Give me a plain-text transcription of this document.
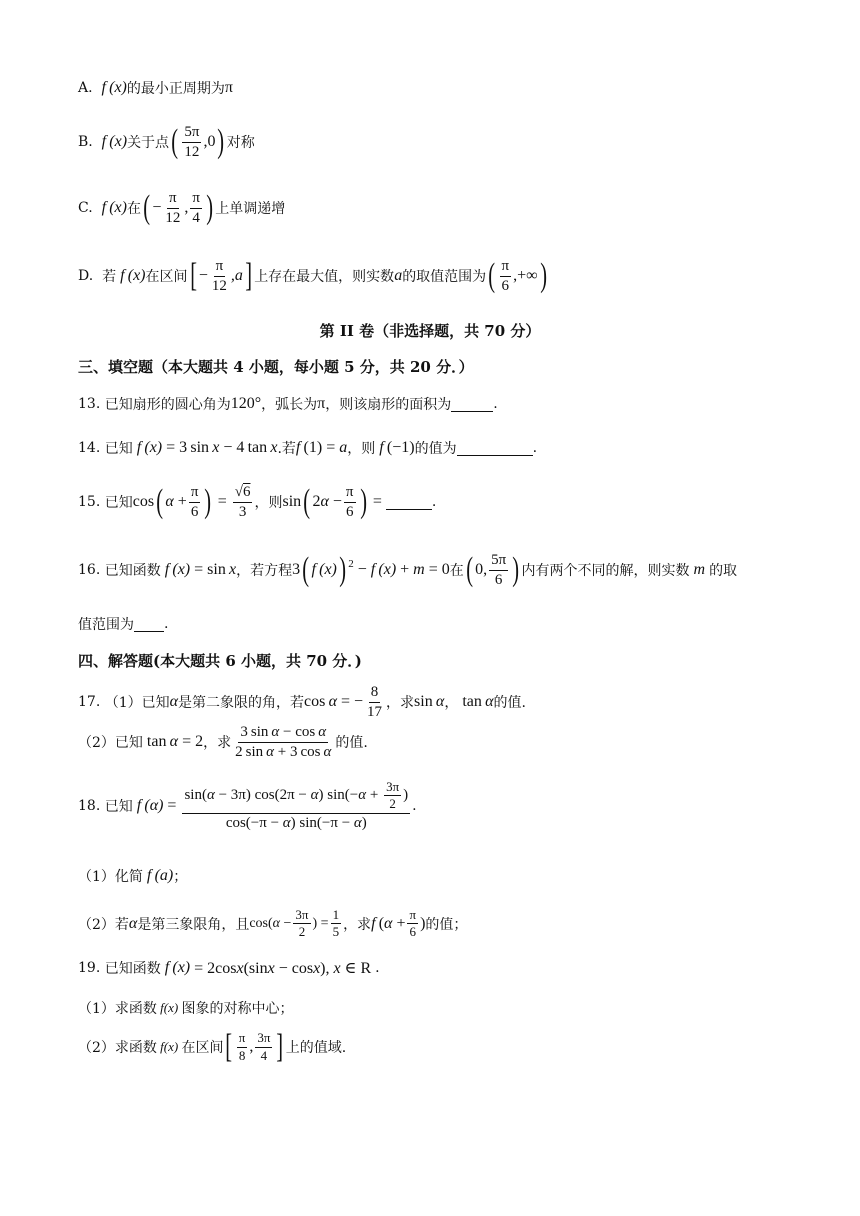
A.
f (x) 的最小正周期为 π
B.
f (x) 关于点 ( $\frac{5\pi}{12} ,0$ ) 对称
C.
f (x) 在 ( − $\frac{\pi}{12}$ , $\frac{\pi}{4}$ ) 上单调递增
D.
若 f (x) 在区间 [ − $\frac{\pi}{12} ,a$ ] 上存在最大值，则实数 a 的取值范围为 ( $\frac{\pi}{6}$ ,+∞ )
第 II 卷（非选择题，共 70 分）
三、填空题（本大题共 4 小题，每小题 5 分，共 20 分．）
13.
已知扇形的圆心角为 120° ，弧长为 π ，则该扇形的面积为	.
14.
已知 f (x) = 3 sin  x − 4 tan  x .若 f  (1) = a ，则 f  (−1) 的值为	.
15.
已知 cos ( $\alpha + \frac{\pi}{6}$ ) = $\frac{√6}{3}$ ，则 sin ( 2 $\alpha - \frac{\pi}{6}$ ) =	.
16.
已知函数 f (x) = sin  x ，若方程 3 ( f (x) )$^2$ − f (x) + m = 0 在 ( 0, $\frac{5\pi}{6}$ ) 内有两个不同的解，则实数 m 的取
值范围为 .
四、解答题(本大题共 6 小题，共 70 分．)
17.
（1）已知 α 是第二象限的角，若 cos  α = − $\frac{8}{17}$ ，求 sin  α ， tan  α 的值.
（2）已知 tan  α = 2 ，求 $\frac{\text{3 sin α − cos α}}{\text{2 sin α + 3 cos α}}$ 的值.
18.
已知 f $(\alpha) = \frac{\sin(\alpha - 3\pi) \cos(2\pi - \alpha) \sin(-\alpha + \frac{3\pi}{2} )}{\cos(-\pi - \alpha) \sin(-\pi - \alpha)}$ .
（1）化简 f (a) ；
（2）若 α 是第三象限角，且 $\cos(\alpha - \frac{3\pi}{2}$ ) = $\frac{1}{5}$ ，求 f  ($\alpha + \frac{\pi}{6}$ ) 的值；
19.
已知函数 f (x) = 2cosx(sinx − cosx), x ∈ R .
（1）求函数 f(x) 图象的对称中心；
（2）求函数 f(x) 在区间 [ $\frac{\pi}{8}$ , $\frac{3\pi}{4}$ ] 上的值域.
